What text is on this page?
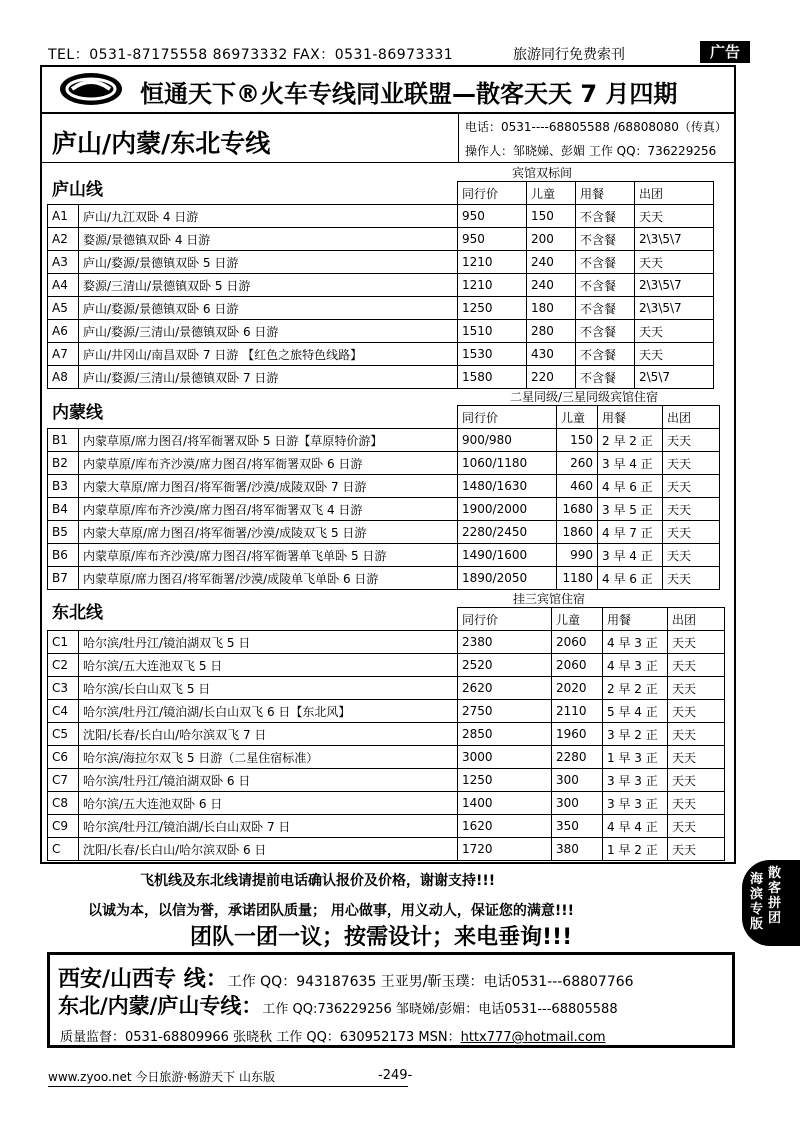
TEL：0531-87175558 86973332 FAX：0531-86973331	旅游同行免费索刊	广告
恒通天下®火车专线同业联盟—散客天天 7 月四期
庐山/内蒙/东北专线
电话：0531----68805588 /68808080（传真）
操作人：邹晓娣、彭媚 工作 QQ：736229256
庐山线
宾馆双标间
		同行价	儿童	用餐	出团
A1	庐山/九江双卧 4 日游	950	150	不含餐	天天
A2	婺源/景德镇双卧 4 日游	950	200	不含餐	2\3\5\7
A3	庐山/婺源/景德镇双卧 5 日游	1210	240	不含餐	天天
A4	婺源/三清山/景德镇双卧 5 日游	1210	240	不含餐	2\3\5\7
A5	庐山/婺源/景德镇双卧 6 日游	1250	180	不含餐	2\3\5\7
A6	庐山/婺源/三清山/景德镇双卧 6 日游	1510	280	不含餐	天天
A7	庐山/井冈山/南昌双卧 7 日游 【红色之旅特色线路】	1530	430	不含餐	天天
A8	庐山/婺源/三清山/景德镇双卧 7 日游	1580	220	不含餐	2\5\7
内蒙线
二星同级/三星同级宾馆住宿
		同行价	儿童	用餐	出团
B1	内蒙草原/席力图召/将军衙署双卧 5 日游【草原特价游】	900/980	150	2 早 2 正	天天
B2	内蒙草原/库布齐沙漠/席力图召/将军衙署双卧 6 日游	1060/1180	260	3 早 4 正	天天
B3	内蒙大草原/席力图召/将军衙署/沙漠/成陵双卧 7 日游	1480/1630	460	4 早 6 正	天天
B4	内蒙草原/库布齐沙漠/席力图召/将军衙署双飞 4 日游	1900/2000	1680	3 早 5 正	天天
B5	内蒙大草原/席力图召/将军衙署/沙漠/成陵双飞 5 日游	2280/2450	1860	4 早 7 正	天天
B6	内蒙草原/库布齐沙漠/席力图召/将军衙署单飞单卧 5 日游	1490/1600	990	3 早 4 正	天天
B7	内蒙草原/席力图召/将军衙署/沙漠/成陵单飞单卧 6 日游	1890/2050	1180	4 早 6 正	天天
东北线
挂三宾馆住宿
		同行价	儿童	用餐	出团
C1	哈尔滨/牡丹江/镜泊湖双飞 5 日	2380	2060	4 早 3 正	天天
C2	哈尔滨/五大连池双飞 5 日	2520	2060	4 早 3 正	天天
C3	哈尔滨/长白山双飞 5 日	2620	2020	2 早 2 正	天天
C4	哈尔滨/牡丹江/镜泊湖/长白山双飞 6 日【东北风】	2750	2110	5 早 4 正	天天
C5	沈阳/长春/长白山/哈尔滨双飞 7 日	2850	1960	3 早 2 正	天天
C6	哈尔滨/海拉尔双飞 5 日游（二星住宿标准）	3000	2280	1 早 3 正	天天
C7	哈尔滨/牡丹江/镜泊湖双卧 6 日	1250	300	3 早 3 正	天天
C8	哈尔滨/五大连池双卧 6 日	1400	300	3 早 3 正	天天
C9	哈尔滨/牡丹江/镜泊湖/长白山双卧 7 日	1620	350	4 早 4 正	天天
C	沈阳/长春/长白山/哈尔滨双卧 6 日	1720	380	1 早 2 正	天天
飞机线及东北线请提前电话确认报价及价格，谢谢支持!!!
以诚为本，以信为誉，承诺团队质量； 用心做事，用义动人，保证您的满意!!!
团队一团一议；按需设计；来电垂询!!!
西安/山西专 线：工作 QQ：943187635 王亚男/靳玉璞：电话0531---68807766
东北/内蒙/庐山专线：工作 QQ:736229256 邹晓娣/彭媚：电话0531---68805588
质量监督：0531-68809966 张晓秋 工作 QQ：630952173 MSN：httx777@hotmail.com
海滨专版
散客拼团
www.zyoo.net 今日旅游·畅游天下 山东版	-249-
